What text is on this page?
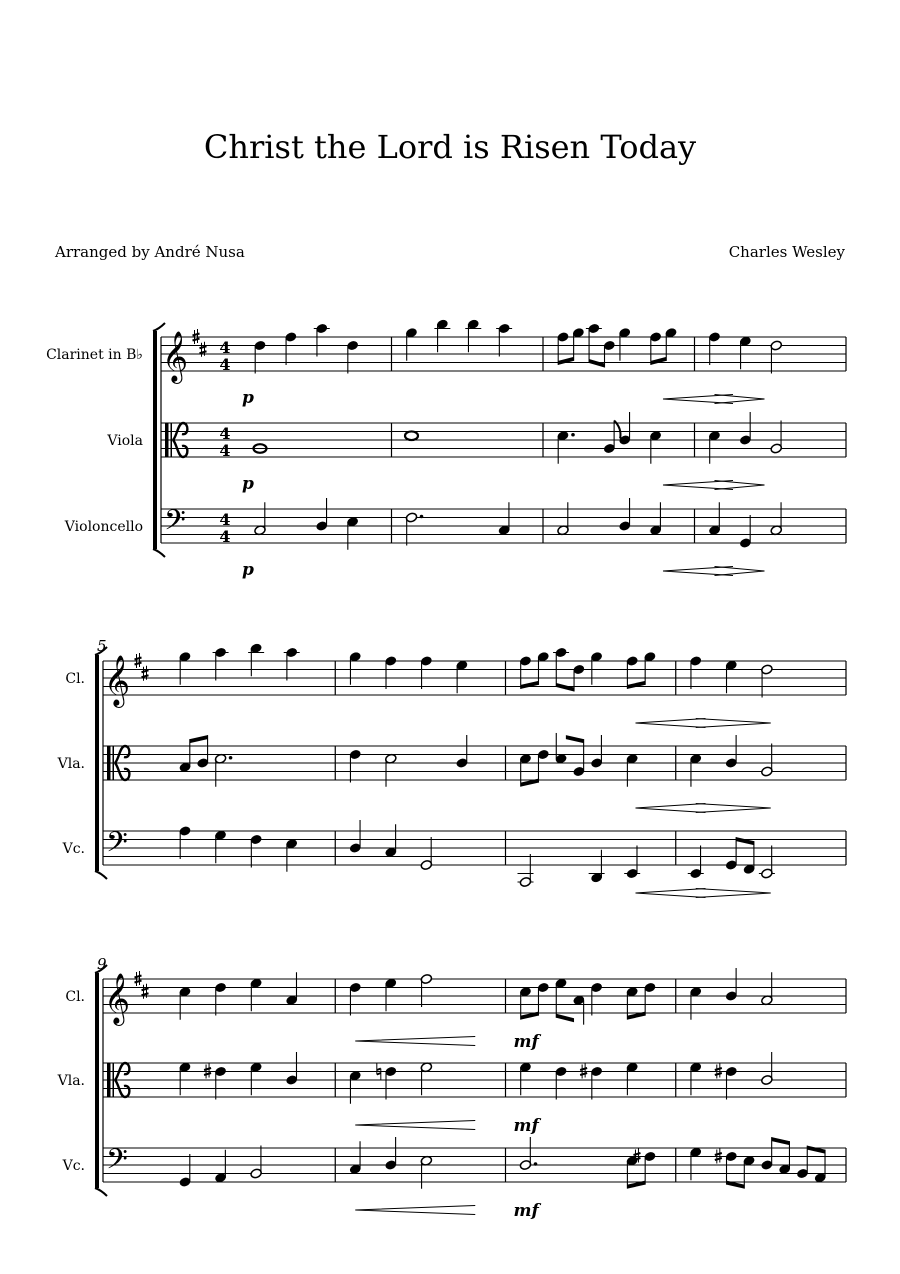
Christ the Lord is Risen Today
Arranged by André Nusa	Charles Wesley
𝄞
Clarinet in B♭	4
4
Viola	4
4
𝄢
Violoncello	4
4
p
p
p
5
𝄞
Cl.
Vla.
𝄢
Vc.
9
𝄞
Cl.
Vla.
𝄢
Vc.
mf
mf
mf
